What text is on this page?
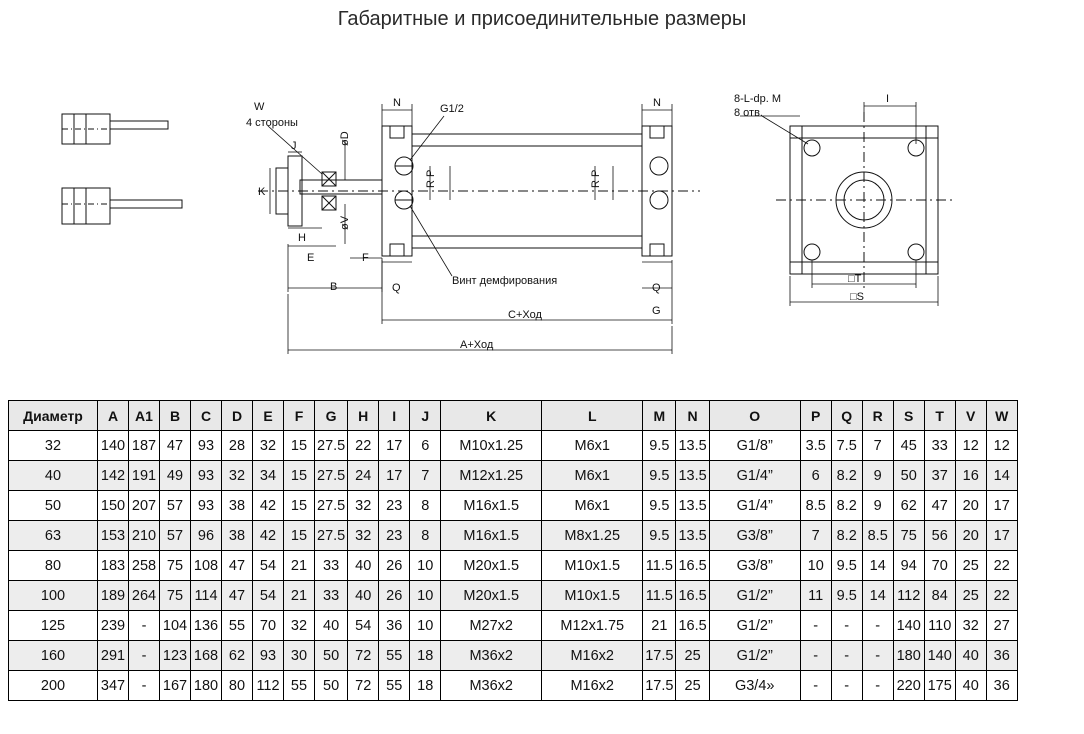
Габаритные и присоединительные размеры
W
4 стороны
J
K
H
E	F
B
N	N
øD
øV
G1/2
R P	R P
Q	Q
G
Винт демфирования
C+Ход
A+Ход
8-L-dp. M
8 отв.
I
□T
□S
Диаметр	A	A1	B	C	D	E	F	G	H	I	J	K	L	M	N	O	P	Q	R	S	T	V	W
32	140	187	47	93	28	32	15	27.5	22	17	6	M10x1.25	M6x1	9.5	13.5	G1/8”	3.5	7.5	7	45	33	12	12
40	142	191	49	93	32	34	15	27.5	24	17	7	M12x1.25	M6x1	9.5	13.5	G1/4”	6	8.2	9	50	37	16	14
50	150	207	57	93	38	42	15	27.5	32	23	8	M16x1.5	M6x1	9.5	13.5	G1/4”	8.5	8.2	9	62	47	20	17
63	153	210	57	96	38	42	15	27.5	32	23	8	M16x1.5	M8x1.25	9.5	13.5	G3/8”	7	8.2	8.5	75	56	20	17
80	183	258	75	108	47	54	21	33	40	26	10	M20x1.5	M10x1.5	11.5	16.5	G3/8”	10	9.5	14	94	70	25	22
100	189	264	75	114	47	54	21	33	40	26	10	M20x1.5	M10x1.5	11.5	16.5	G1/2”	11	9.5	14	112	84	25	22
125	239	-	104	136	55	70	32	40	54	36	10	M27x2	M12x1.75	21	16.5	G1/2”	-	-	-	140	110	32	27
160	291	-	123	168	62	93	30	50	72	55	18	M36x2	M16x2	17.5	25	G1/2”	-	-	-	180	140	40	36
200	347	-	167	180	80	112	55	50	72	55	18	M36x2	M16x2	17.5	25	G3/4»	-	-	-	220	175	40	36
